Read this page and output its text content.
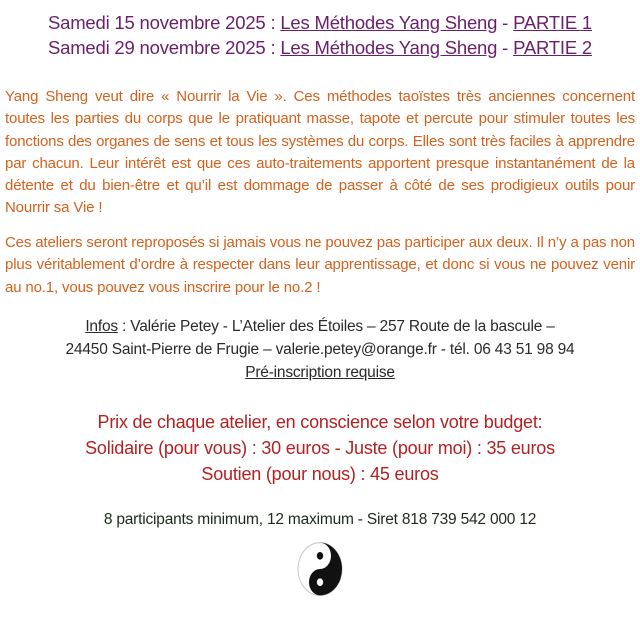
Samedi 15 novembre 2025 : Les Méthodes Yang Sheng - PARTIE 1
Samedi 29 novembre 2025 : Les Méthodes Yang Sheng - PARTIE 2
Yang Sheng veut dire « Nourrir la Vie ». Ces méthodes taoïstes très anciennes concernent toutes les parties du corps que le pratiquant masse, tapote et percute pour stimuler toutes les fonctions des organes de sens et tous les systèmes du corps. Elles sont très faciles à apprendre par chacun. Leur intérêt est que ces auto-traitements apportent presque instantanément de la détente et du bien-être et qu’il est dommage de passer à côté de ses prodigieux outils pour Nourrir sa Vie !
Ces ateliers seront reproposés si jamais vous ne pouvez pas participer aux deux. Il n’y a pas non plus véritablement d’ordre à respecter dans leur apprentissage, et donc si vous ne pouvez venir au no.1, vous pouvez vous inscrire pour le no.2 !
Infos : Valérie Petey - L’Atelier des Étoiles – 257 Route de la bascule –
24450 Saint-Pierre de Frugie – valerie.petey@orange.fr - tél. 06 43 51 98 94
Pré-inscription requise
Prix de chaque atelier, en conscience selon votre budget:
Solidaire (pour vous) : 30 euros - Juste (pour moi) : 35 euros
Soutien (pour nous) : 45 euros
8 participants minimum, 12 maximum - Siret 818 739 542 000 12
